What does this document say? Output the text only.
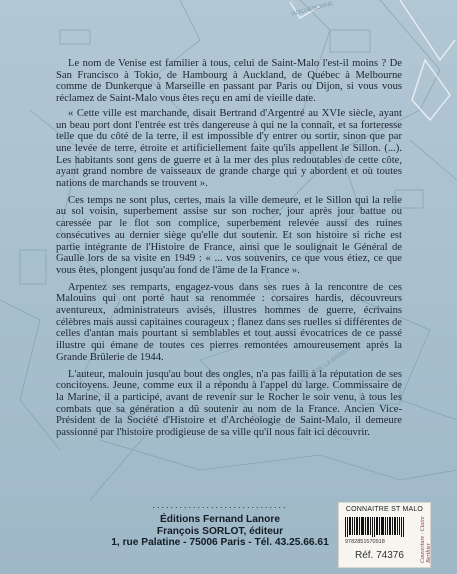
ROCHEBONNE
PLACE DE LA BARBINAIS

Le nom de Venise est familier à tous, celui de Saint-Malo l'est-il moins ? De San Francisco à Tokio, de Hambourg à Auckland, de Québec à Melbourne comme de Dunkerque à Marseille en passant par Paris ou Dijon, si vous vous réclamez de Saint-Malo vous êtes reçu en ami de vieille date.

« Cette ville est marchande, disait Bertrand d'Argentré au XVIe siècle, ayant un beau port dont l'entrée est très dangereuse à qui ne la connaît, et sa forteresse telle que du côté de la terre, il est impossible d'y entrer ou sortir, sinon que par une levée de terre, étroite et artificiellement faite qu'ils appellent le Sillon. (...). Les habitants sont gens de guerre et à la mer des plus redoutables de cette côte, ayant grand nombre de vaisseaux de grande charge qui y abordent et où toutes nations de marchands se trouvent ».

Ces temps ne sont plus, certes, mais la ville demeure, et le Sillon qui la relie au sol voisin, superbement assise sur son rocher, jour après jour battue ou caressée par le flot son complice, superbement relevée aussi des ruines consécutives au dernier siège qu'elle dut soutenir. Et son histoire si riche est partie intégrante de l'Histoire de France, ainsi que le soulignait le Général de Gaulle lors de sa visite en 1949 : « ... vos souvenirs, ce que vous étiez, ce que vous êtes, plongent jusqu'au fond de l'âme de la France ».

Arpentez ses remparts, engagez-vous dans ses rues à la rencontre de ces Malouins qui ont porté haut sa renommée : corsaires hardis, découvreurs aventureux, administrateurs avisés, illustres hommes de guerre, écrivains célèbres mais aussi capitaines courageux ; flanez dans ses ruelles si différentes de celles d'antan mais pourtant si semblables et tout aussi évocatrices de ce passé illustre qui émane de toutes ces pierres remontées amoureusement après la Grande Brûlerie de 1944.

L'auteur, malouin jusqu'au bout des ongles, n'a pas failli à la réputation de ses concitoyens. Jeune, comme eux il a répondu à l'appel du large. Commissaire de la Marine, il a participé, avant de revenir sur le Rocher le soir venu, à tous les combats que sa génération a dû soutenir au nom de la France. Ancien Vice-Président de la Société d'Histoire et d'Archéologie de Saint-Malo, il demeure passionné par l'histoire prodigieuse de sa ville qu'il nous fait ici découvrir.

..............................
Éditions Fernand Lanore
François SORLOT, éditeur
1, rue Palatine - 75006 Paris - Tél. 43.25.66.61
CONNAITRE ST MALO
9782851570918
Réf. 74376	Couverture · Claire Berthier
